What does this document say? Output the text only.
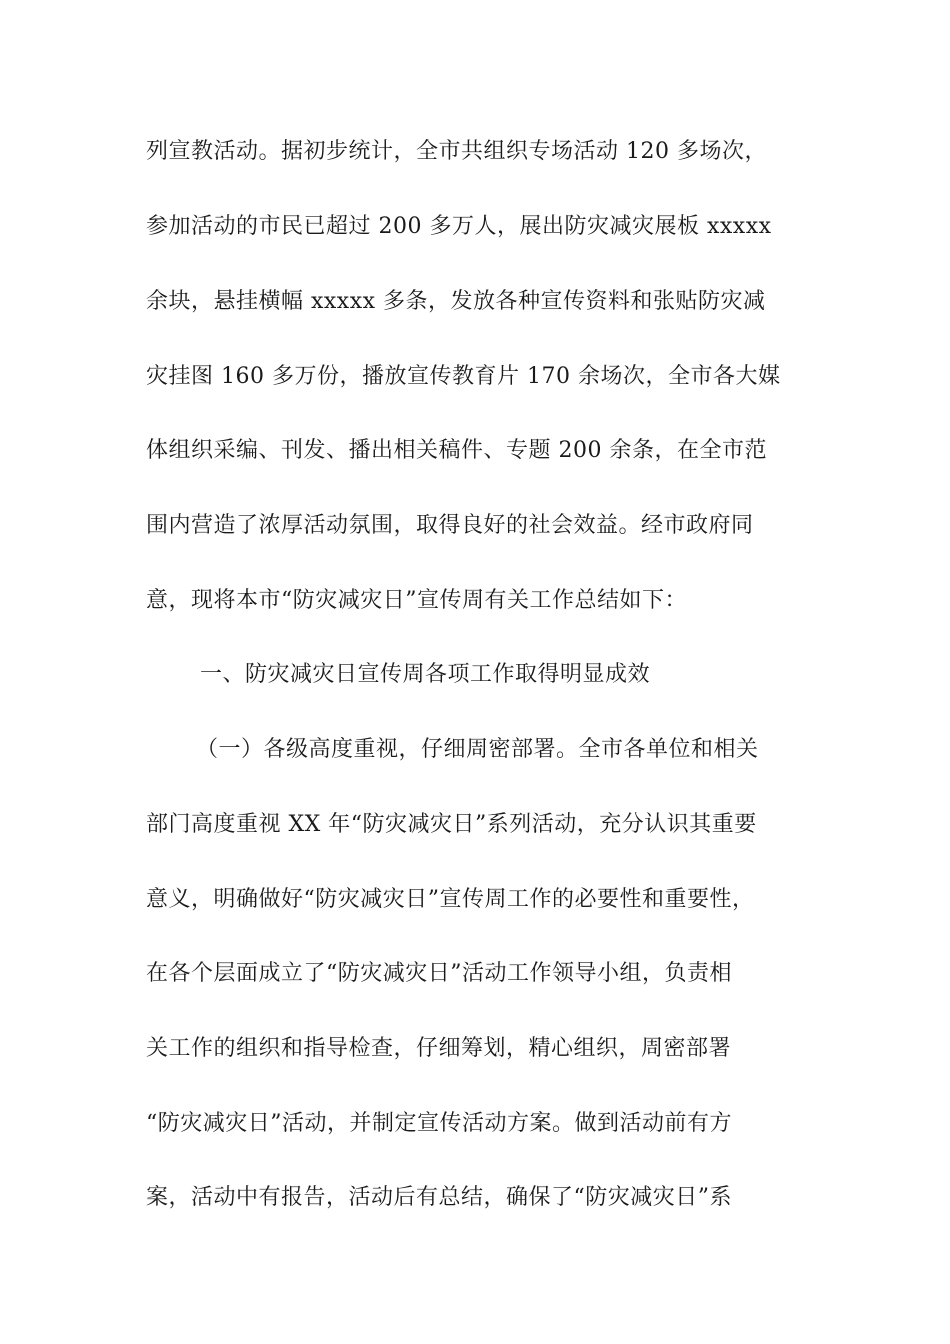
列宣教活动。据初步统计，全市共组织专场活动 120 多场次，
参加活动的市民已超过 200 多万人，展出防灾减灾展板 xxxxx
余块，悬挂横幅 xxxxx 多条，发放各种宣传资料和张贴防灾减
灾挂图 160 多万份，播放宣传教育片 170 余场次，全市各大媒
体组织采编、刊发、播出相关稿件、专题 200 余条，在全市范
围内营造了浓厚活动氛围，取得良好的社会效益。经市政府同
意，现将本市“防灾减灾日”宣传周有关工作总结如下：
一、防灾减灾日宣传周各项工作取得明显成效
（一）各级高度重视，仔细周密部署。全市各单位和相关
部门高度重视 XX 年“防灾减灾日”系列活动，充分认识其重要
意义，明确做好“防灾减灾日”宣传周工作的必要性和重要性，
在各个层面成立了“防灾减灾日”活动工作领导小组，负责相
关工作的组织和指导检查，仔细筹划，精心组织，周密部署
“防灾减灾日”活动，并制定宣传活动方案。做到活动前有方
案，活动中有报告，活动后有总结，确保了“防灾减灾日”系
